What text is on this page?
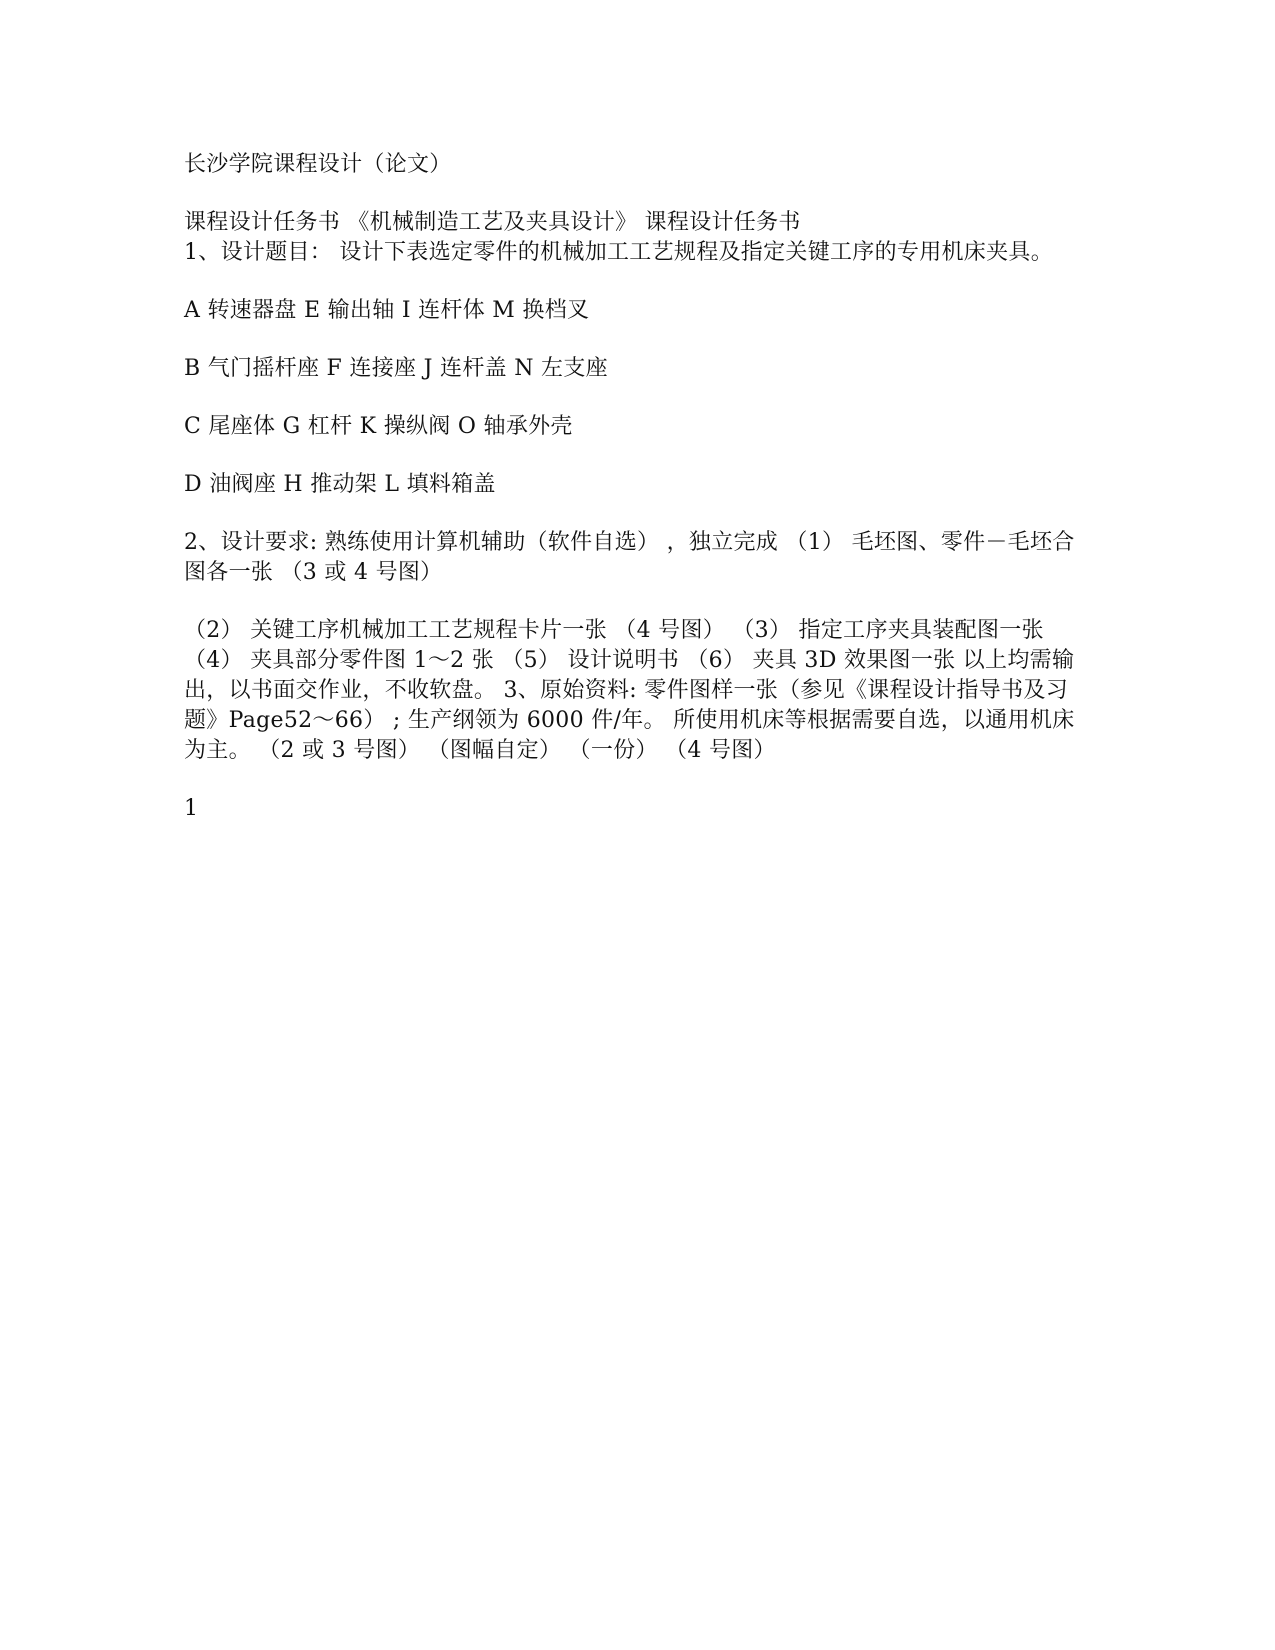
长沙学院课程设计（论文）

课程设计任务书 《机械制造工艺及夹具设计》 课程设计任务书

1、设计题目： 设计下表选定零件的机械加工工艺规程及指定关键工序的专用机床夹具。

A 转速器盘 E 输出轴 I 连杆体 M 换档叉

B 气门摇杆座 F 连接座 J 连杆盖 N 左支座

C 尾座体 G 杠杆 K 操纵阀 O 轴承外壳

D 油阀座 H 推动架 L 填料箱盖

2、设计要求: 熟练使用计算机辅助（软件自选） ，独立完成 （1） 毛坯图、零件－毛坯合图各一张 （3 或 4 号图）

（2） 关键工序机械加工工艺规程卡片一张 （4 号图） （3） 指定工序夹具装配图一张 （4） 夹具部分零件图 1～2 张 （5） 设计说明书 （6） 夹具 3D 效果图一张 以上均需输出，以书面交作业，不收软盘。 3、原始资料: 零件图样一张（参见《课程设计指导书及习题》Page52～66） ; 生产纲领为 6000 件/年。 所使用机床等根据需要自选，以通用机床为主。 （2 或 3 号图） （图幅自定） （一份） （4 号图）

1
